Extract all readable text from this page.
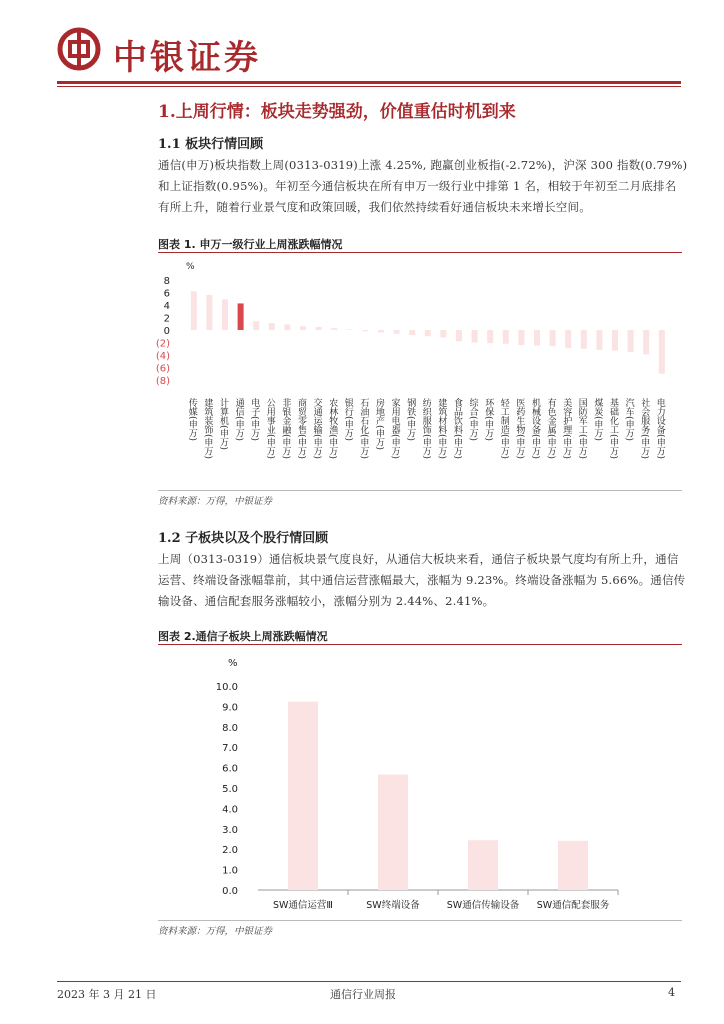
中银证券
1.上周行情：板块走势强劲，价值重估时机到来
1.1 板块行情回顾
通信(申万)板块指数上周(0313-0319)上涨 4.25%, 跑赢创业板指(-2.72%)，沪深 300 指数(0.79%)和上证指数(0.95%)。年初至今通信板块在所有申万一级行业中排第 1 名，相较于年初至二月底排名有所上升，随着行业景气度和政策回暖，我们依然持续看好通信板块未来增长空间。
图表 1. 申万一级行业上周涨跌幅情况
%
8
6
4
2
0
(2)
(4)
(6)
(8)
传媒(申万) 建筑装饰(申万) 计算机(申万) 通信(申万) 电子(申万) 公用事业(申万) 非银金融(申万) 商贸零售(申万) 交通运输(申万) 农林牧渔(申万) 银行(申万) 石油石化(申万) 房地产(申万) 家用电器(申万) 钢铁(申万) 纺织服饰(申万) 建筑材料(申万) 食品饮料(申万) 综合(申万) 环保(申万) 轻工制造(申万) 医药生物(申万) 机械设备(申万) 有色金属(申万) 美容护理(申万) 国防军工(申万) 煤炭(申万) 基础化工(申万) 汽车(申万) 社会服务(申万) 电力设备(申万)
资料来源：万得，中银证券
1.2 子板块以及个股行情回顾
上周（0313-0319）通信板块景气度良好，从通信大板块来看，通信子板块景气度均有所上升，通信运营、终端设备涨幅靠前，其中通信运营涨幅最大，涨幅为 9.23%。终端设备涨幅为 5.66%。通信传输设备、通信配套服务涨幅较小，涨幅分别为 2.44%、2.41%。
图表 2.通信子板块上周涨跌幅情况
%
10.0
9.0
8.0
7.0
6.0
5.0
4.0
3.0
2.0
1.0
0.0
SW通信运营Ⅲ	SW终端设备	SW通信传输设备 SW通信配套服务
资料来源：万得，中银证券
2023 年 3 月 21 日	通信行业周报	4
